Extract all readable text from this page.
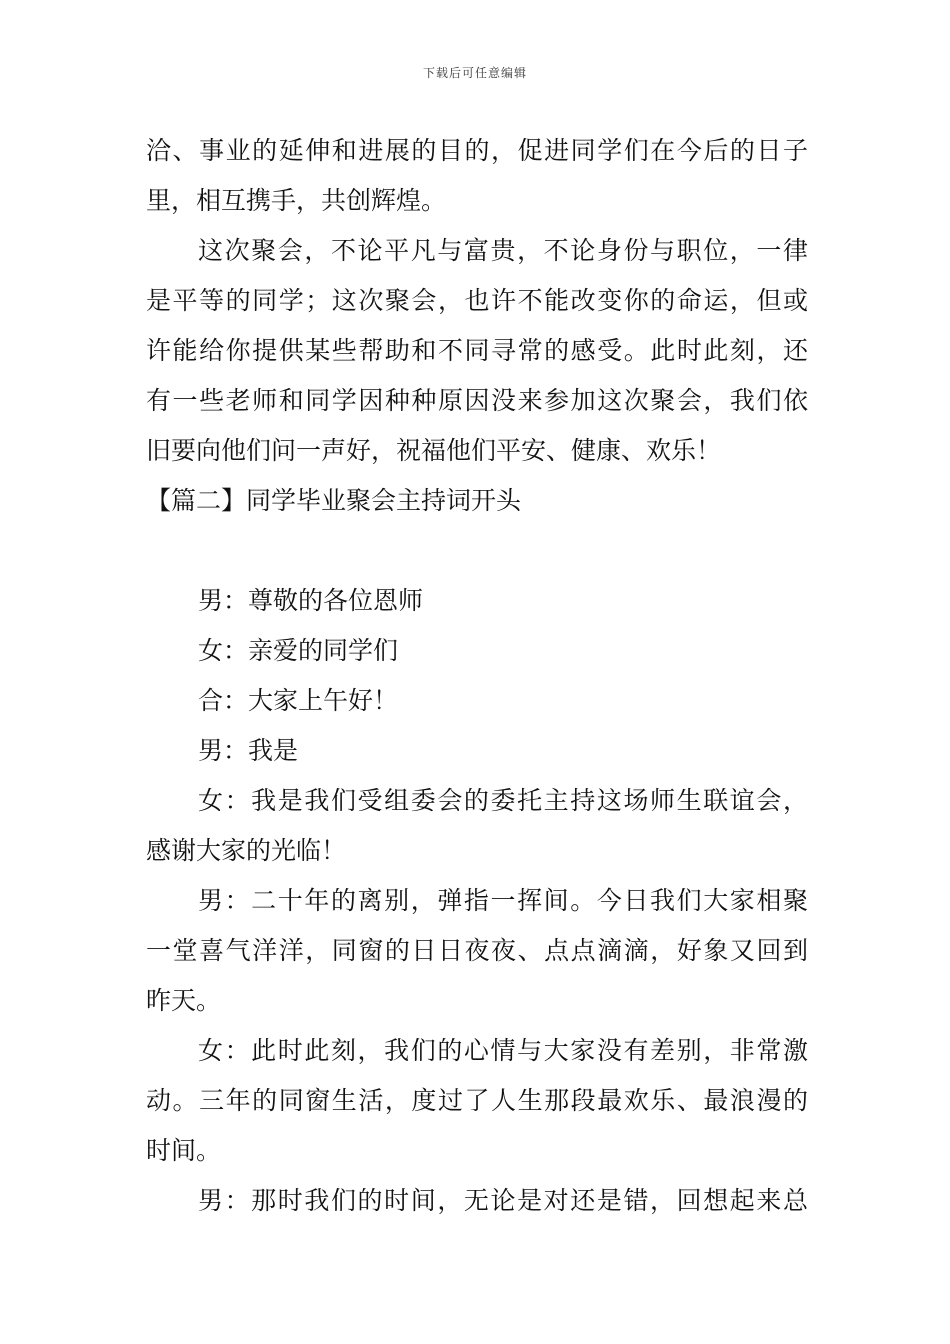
下载后可任意编辑
洽、事业的延伸和进展的目的，促进同学们在今后的日子
里，相互携手，共创辉煌。
这次聚会，不论平凡与富贵，不论身份与职位，一律
是平等的同学；这次聚会，也许不能改变你的命运，但或
许能给你提供某些帮助和不同寻常的感受。此时此刻，还
有一些老师和同学因种种原因没来参加这次聚会，我们依
旧要向他们问一声好，祝福他们平安、健康、欢乐！
【篇二】同学毕业聚会主持词开头
男：尊敬的各位恩师
女：亲爱的同学们
合：大家上午好！
男：我是
女：我是我们受组委会的委托主持这场师生联谊会，
感谢大家的光临！
男：二十年的离别，弹指一挥间。今日我们大家相聚
一堂喜气洋洋，同窗的日日夜夜、点点滴滴，好象又回到
昨天。
女：此时此刻，我们的心情与大家没有差别，非常激
动。三年的同窗生活，度过了人生那段最欢乐、最浪漫的
时间。
男：那时我们的时间，无论是对还是错，回想起来总
